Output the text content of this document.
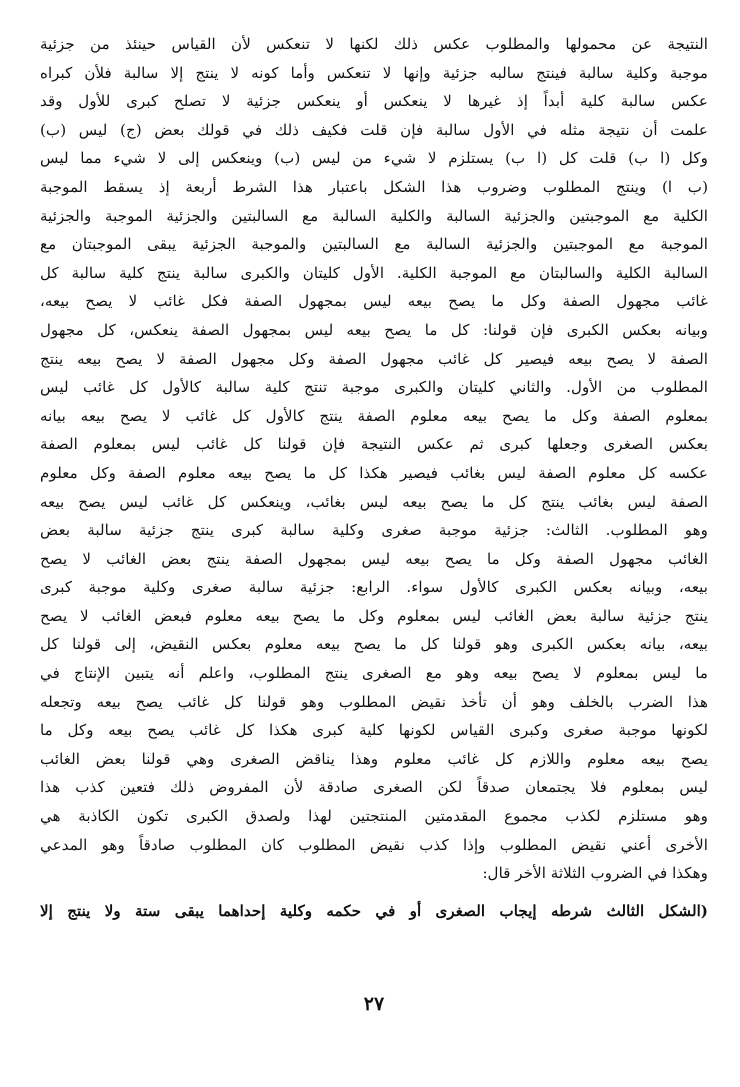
النتيجة عن محمولها والمطلوب عكس ذلك لكنها لا تنعكس لأن القياس حينئذ من جزئية
موجبة وكلية سالبة فينتج سالبه جزئية وإنها لا تنعكس وأما كونه لا ينتج إلا سالبة فلأن كبراه
عكس سالبة كلية أبداً إذ غيرها لا ينعكس أو ينعكس جزئية لا تصلح كبرى للأول وقد
علمت أن نتيجة مثله في الأول سالبة فإن قلت فكيف ذلك في قولك بعض (ج) ليس (ب)
وكل (ا ب) قلت كل (ا ب) يستلزم لا شيء من ليس (ب) وينعكس إلى لا شيء مما ليس
(ب ا) وينتج المطلوب وضروب هذا الشكل باعتبار هذا الشرط أربعة إذ يسقط الموجبة
الكلية مع الموجبتين والجزئية السالبة والكلية السالبة مع السالبتين والجزئية الموجبة والجزئية
الموجبة مع الموجبتين والجزئية السالبة مع السالبتين والموجبة الجزئية يبقى الموجبتان مع
السالبة الكلية والسالبتان مع الموجبة الكلية. الأول كليتان والكبرى سالبة ينتج كلية سالبة كل
غائب مجهول الصفة وكل ما يصح بيعه ليس بمجهول الصفة فكل غائب لا يصح بيعه،
وبيانه بعكس الكبرى فإن قولنا: كل ما يصح بيعه ليس بمجهول الصفة ينعكس، كل مجهول
الصفة لا يصح بيعه فيصير كل غائب مجهول الصفة وكل مجهول الصفة لا يصح بيعه ينتج
المطلوب من الأول. والثاني كليتان والكبرى موجبة تنتج كلية سالبة كالأول كل غائب ليس
بمعلوم الصفة وكل ما يصح بيعه معلوم الصفة ينتج كالأول كل غائب لا يصح بيعه بيانه
بعكس الصغرى وجعلها كبرى ثم عكس النتيجة فإن قولنا كل غائب ليس بمعلوم الصفة
عكسه كل معلوم الصفة ليس بغائب فيصير هكذا كل ما يصح بيعه معلوم الصفة وكل معلوم
الصفة ليس بغائب ينتج كل ما يصح بيعه ليس بغائب، وينعكس كل غائب ليس يصح بيعه
وهو المطلوب. الثالث: جزئية موجبة صغرى وكلية سالبة كبرى ينتج جزئية سالبة بعض
الغائب مجهول الصفة وكل ما يصح بيعه ليس بمجهول الصفة ينتج بعض الغائب لا يصح
بيعه، وبيانه بعكس الكبرى كالأول سواء. الرابع: جزئية سالبة صغرى وكلية موجبة كبرى
ينتج جزئية سالبة بعض الغائب ليس بمعلوم وكل ما يصح بيعه معلوم فبعض الغائب لا يصح
بيعه، بيانه بعكس الكبرى وهو قولنا كل ما يصح بيعه معلوم بعكس النقيض، إلى قولنا كل
ما ليس بمعلوم لا يصح بيعه وهو مع الصغرى ينتج المطلوب، واعلم أنه يتبين الإنتاج في
هذا الضرب بالخلف وهو أن تأخذ نقيض المطلوب وهو قولنا كل غائب يصح بيعه وتجعله
لكونها موجبة صغرى وكبرى القياس لكونها كلية كبرى هكذا كل غائب يصح بيعه وكل ما
يصح بيعه معلوم واللازم كل غائب معلوم وهذا يناقض الصغرى وهي قولنا بعض الغائب
ليس بمعلوم فلا يجتمعان صدقاً لكن الصغرى صادقة لأن المفروض ذلك فتعين كذب هذا
وهو مستلزم لكذب مجموع المقدمتين المنتجتين لهذا ولصدق الكبرى تكون الكاذبة هي
الأخرى أعني نقيض المطلوب وإذا كذب نقيض المطلوب كان المطلوب صادقاً وهو المدعي
وهكذا في الضروب الثلاثة الأخر قال:
(الشكل الثالث شرطه إيجاب الصغرى أو في حكمه وكلية إحداهما يبقى ستة ولا ينتج إلا
٢٧
